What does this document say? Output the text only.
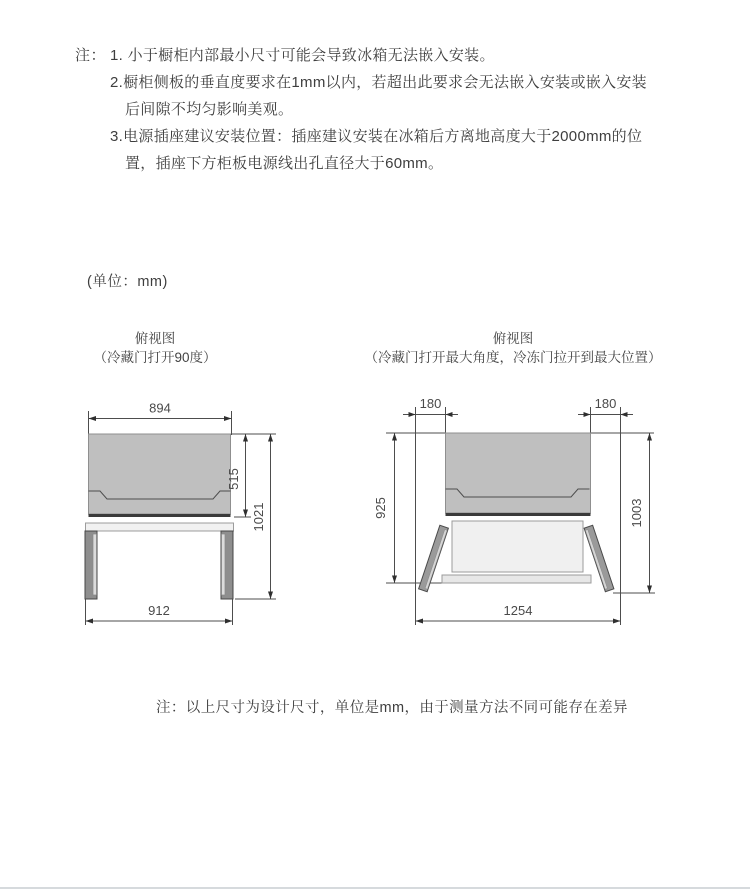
注： 1. 小于橱柜内部最小尺寸可能会导致冰箱无法嵌入安装。
2.橱柜侧板的垂直度要求在1mm以内，若超出此要求会无法嵌入安装或嵌入安装后间隙不均匀影响美观。
3.电源插座建议安装位置：插座建议安装在冰箱后方离地高度大于2000mm的位置，插座下方柜板电源线出孔直径大于60mm。
(单位：mm)
俯视图
（冷藏门打开90度）
俯视图
（冷藏门打开最大角度，冷冻门拉开到最大位置）
894
515
1021
912
180	180
925	1003
1254
注：以上尺寸为设计尺寸，单位是mm，由于测量方法不同可能存在差异
